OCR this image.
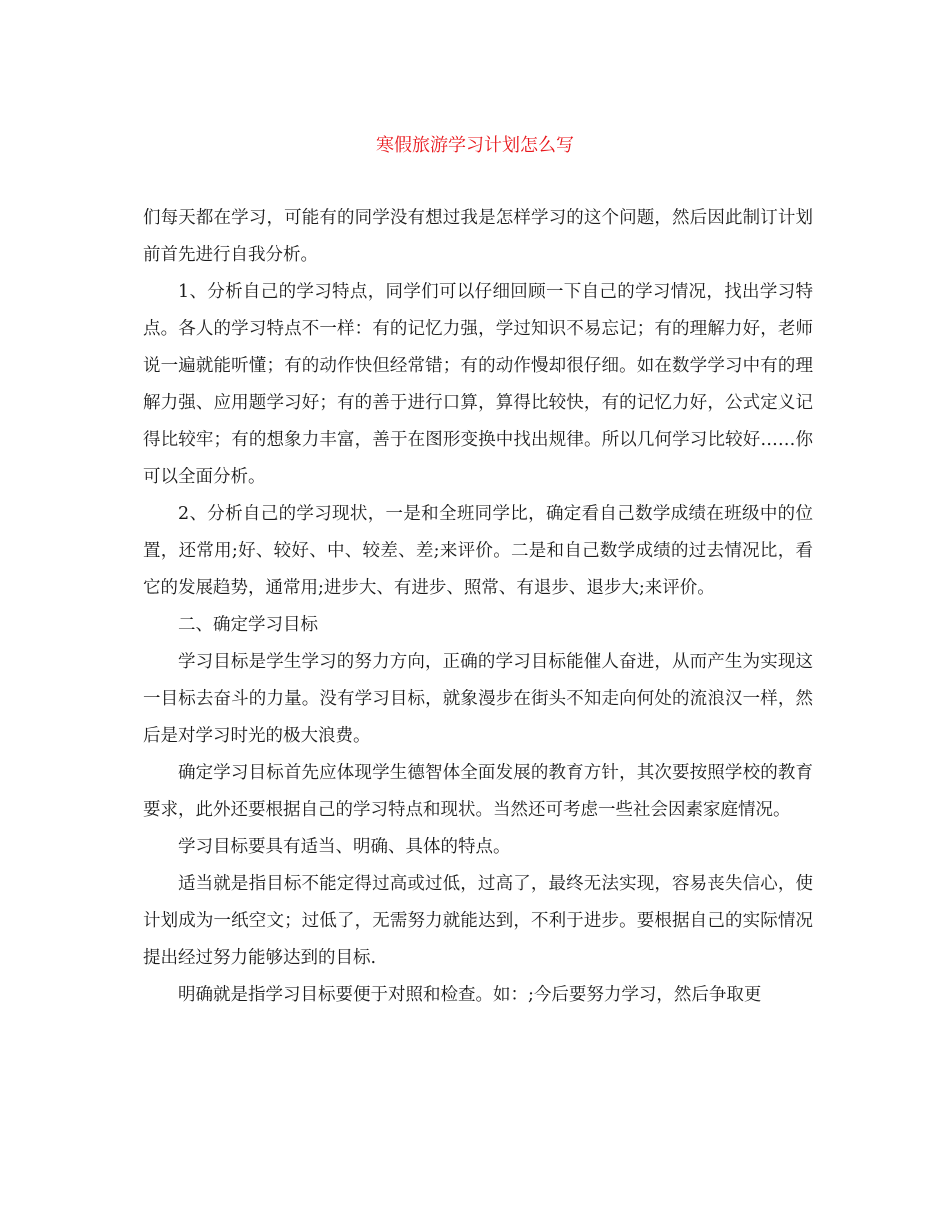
寒假旅游学习计划怎么写

们每天都在学习，可能有的同学没有想过我是怎样学习的这个问题，然后因此制订计划前首先进行自我分析。

1、分析自己的学习特点，同学们可以仔细回顾一下自己的学习情况，找出学习特点。各人的学习特点不一样：有的记忆力强，学过知识不易忘记；有的理解力好，老师说一遍就能听懂；有的动作快但经常错；有的动作慢却很仔细。如在数学学习中有的理解力强、应用题学习好；有的善于进行口算，算得比较快，有的记忆力好，公式定义记得比较牢；有的想象力丰富，善于在图形变换中找出规律。所以几何学习比较好……你可以全面分析。

2、分析自己的学习现状，一是和全班同学比，确定看自己数学成绩在班级中的位置，还常用;好、较好、中、较差、差;来评价。二是和自己数学成绩的过去情况比，看它的发展趋势，通常用;进步大、有进步、照常、有退步、退步大;来评价。

二、确定学习目标

学习目标是学生学习的努力方向，正确的学习目标能催人奋进，从而产生为实现这一目标去奋斗的力量。没有学习目标，就象漫步在街头不知走向何处的流浪汉一样，然后是对学习时光的极大浪费。

确定学习目标首先应体现学生德智体全面发展的教育方针，其次要按照学校的教育要求，此外还要根据自己的学习特点和现状。当然还可考虑一些社会因素家庭情况。

学习目标要具有适当、明确、具体的特点。

适当就是指目标不能定得过高或过低，过高了，最终无法实现，容易丧失信心，使计划成为一纸空文；过低了，无需努力就能达到，不利于进步。要根据自己的实际情况提出经过努力能够达到的目标.

明确就是指学习目标要便于对照和检查。如：;今后要努力学习，然后争取更
